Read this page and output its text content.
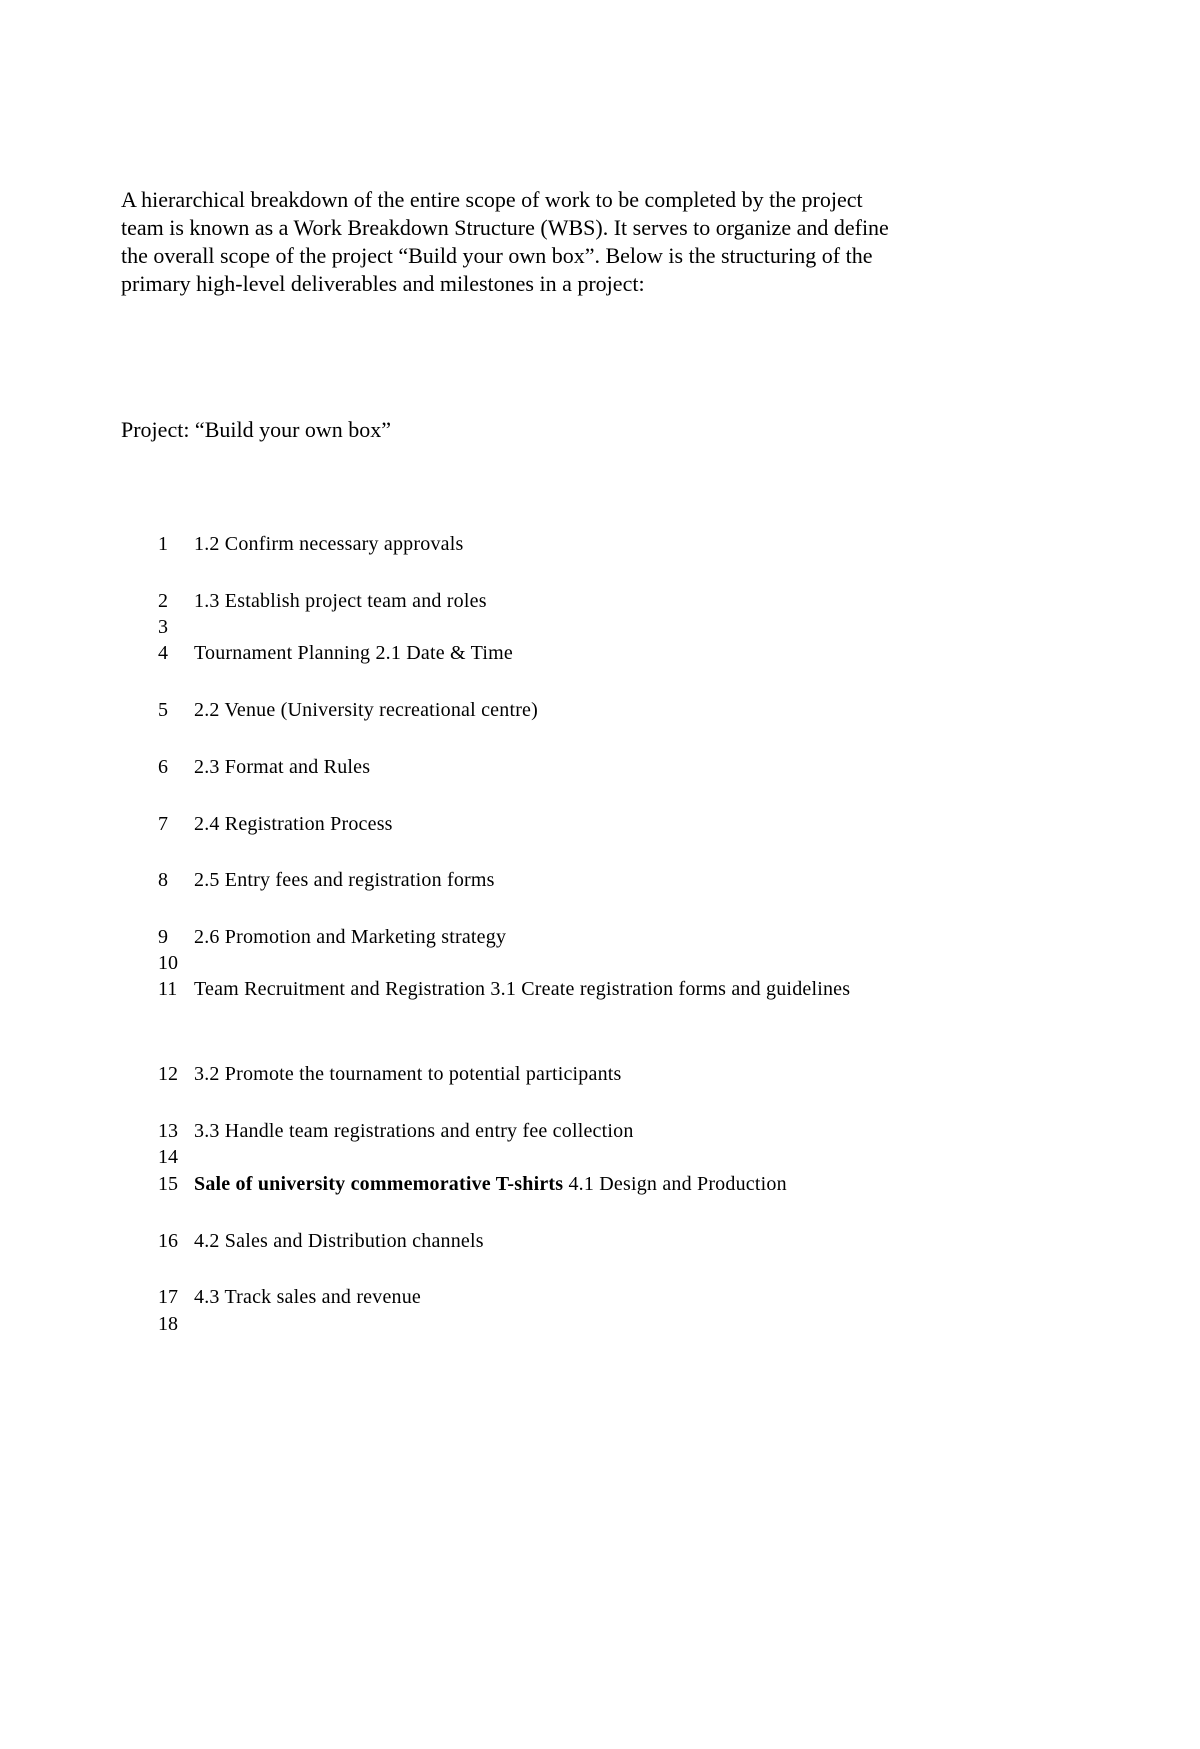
A hierarchical breakdown of the entire scope of work to be completed by the project team is known as a Work Breakdown Structure (WBS). It serves to organize and define the overall scope of the project “Build your own box”. Below is the structuring of the primary high-level deliverables and milestones in a project:

Project: “Build your own box”

1	1.2 Confirm necessary approvals
2	1.3 Establish project team and roles
3
4	Tournament Planning 2.1 Date & Time
5	2.2 Venue (University recreational centre)
6	2.3 Format and Rules
7	2.4 Registration Process
8	2.5 Entry fees and registration forms
9	2.6 Promotion and Marketing strategy
10
11 Team Recruitment and Registration 3.1 Create registration forms and guidelines
12 3.2 Promote the tournament to potential participants
13 3.3 Handle team registrations and entry fee collection
14
15 Sale of university commemorative T-shirts 4.1 Design and Production
16 4.2 Sales and Distribution channels
17 4.3 Track sales and revenue
18
